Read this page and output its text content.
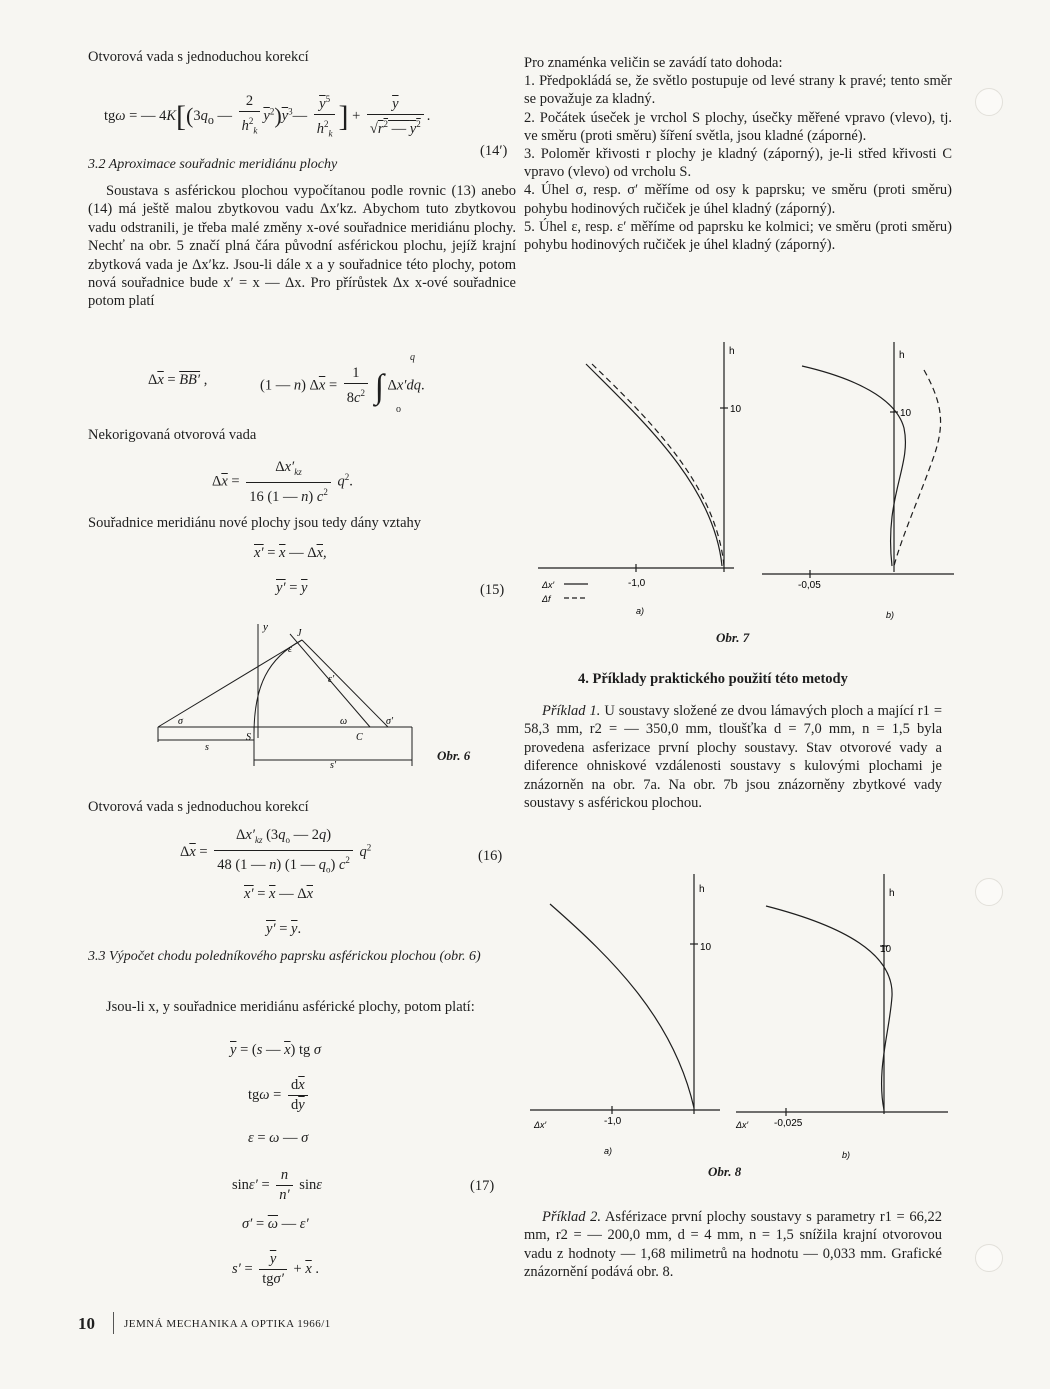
Otvorová vada s jednoduchou korekcí

tgω = — $4K[(3q_o$ — $\frac{2}{h^2_k}$ $\overline{y}^2)\overline{y}^3— \frac{\overline{y}^5}{h^2_k}$ ] + $\frac{\overline{y}}{√r^2 — y^2}$ .
(14′)
3.2 Aproximace souřadnic meridiánu plochy

Soustava s asférickou plochou vypočítanou podle rovnic (13) anebo (14) má ještě malou zbytkovou vadu Δx′kz. Abychom tuto zbytkovou vadu odstranili, je třeba malé změny x-ové souřadnice meridiánu plochy. Nechť na obr. 5 značí plná čára původní asférickou plochu, jejíž krajní zbytková vada je Δx′kz. Jsou-li dále x a y souřadnice této plochy, potom nová souřadnice bude x′ = x — Δx. Pro přírůstek Δx x-ové souřadnice potom platí

$\Delta\overline{x} = BB'$ ,	(1 — n) $\Delta\overline{x} = \frac{1}{8c^2}$ ∫ Δx′dq.
q
o

Nekorigovaná otvorová vada

$\Delta\overline{x} = \frac{\Delta x'_{kz}}{16 (1 — n) c^2} q^2$.

Souřadnice meridiánu nové plochy jsou tedy dány vztahy

$x' = \overline{x}$ — $\Delta\overline{x}$,
$y' = \overline{y}$	(15)
y
J
ε
ε′
σ	ω	σ′
S	C
s
s′
Obr. 6

Otvorová vada s jednoduchou korekcí

$\Delta\overline{x} = \frac{\Delta x'_{kz} (3q_o — 2q)}{48 (1 — n) (1 — q_o) c^2} q^2$
(16)
$x' = \overline{x}$ — $\Delta\overline{x}$
$y' = \overline{y}$.
3.3 Výpočet chodu poledníkového paprsku asférickou plochou (obr. 6)

Jsou-li x, y souřadnice meridiánu asférické plochy, potom platí:

$\overline{y} = (s$ — $\overline{x}$) tg σ
$tg\omega = \frac{d\overline{x}}{d\overline{y}}$
ε = ω — σ
$\sin\varepsilon' = \frac{n}{n'}$ sinε	(17)
$\sigma' = \overline{\omega}$ — ε′
$s' = \frac{\overline{y}}{\text{tgσ′}} + \overline{x}$ .
10	JEMNÁ MECHANIKA A OPTIKA 1966/1

Pro znaménka veličin se zavádí tato dohoda:

1. Předpokládá se, že světlo postupuje od levé strany k pravé; tento směr se považuje za kladný.

2. Počátek úseček je vrchol S plochy, úsečky měřené vpravo (vlevo), tj. ve směru (proti směru) šíření světla, jsou kladné (záporné).

3. Poloměr křivosti r plochy je kladný (záporný), je-li střed křivosti C vpravo (vlevo) od vrcholu S.

4. Úhel σ, resp. σ′ měříme od osy k paprsku; ve směru (proti směru) pohybu hodinových ručiček je úhel kladný (záporný).

5. Úhel ε, resp. ε′ měříme od paprsku ke kolmici; ve směru (proti směru) pohybu hodinových ručiček je úhel kladný (záporný).

h
10
-1,0
h
10
-0,05
Δx′
Δf
a)	b)
Obr. 7
4. Příklady praktického použití této metody

Příklad 1. U soustavy složené ze dvou lámavých ploch a mající r1 = 58,3 mm, r2 = — 350,0 mm, tloušťka d = 7,0 mm, n = 1,5 byla provedena asferizace první plochy soustavy. Stav otvorové vady a diference ohniskové vzdálenosti soustavy s kulovými plochami je znázorněn na obr. 7a. Na obr. 7b jsou znázorněny zbytkové vady soustavy s asférickou plochou.

h
10
-1,0
Δx′
h
10
-0,025
Δx′
a)	b)
Obr. 8

Příklad 2. Asférizace první plochy soustavy s parametry r1 = 66,22 mm, r2 = — 200,0 mm, d = 4 mm, n = 1,5 snížila krajní otvorovou vadu z hodnoty — 1,68 milimetrů na hodnotu — 0,033 mm. Grafické znázornění podává obr. 8.
